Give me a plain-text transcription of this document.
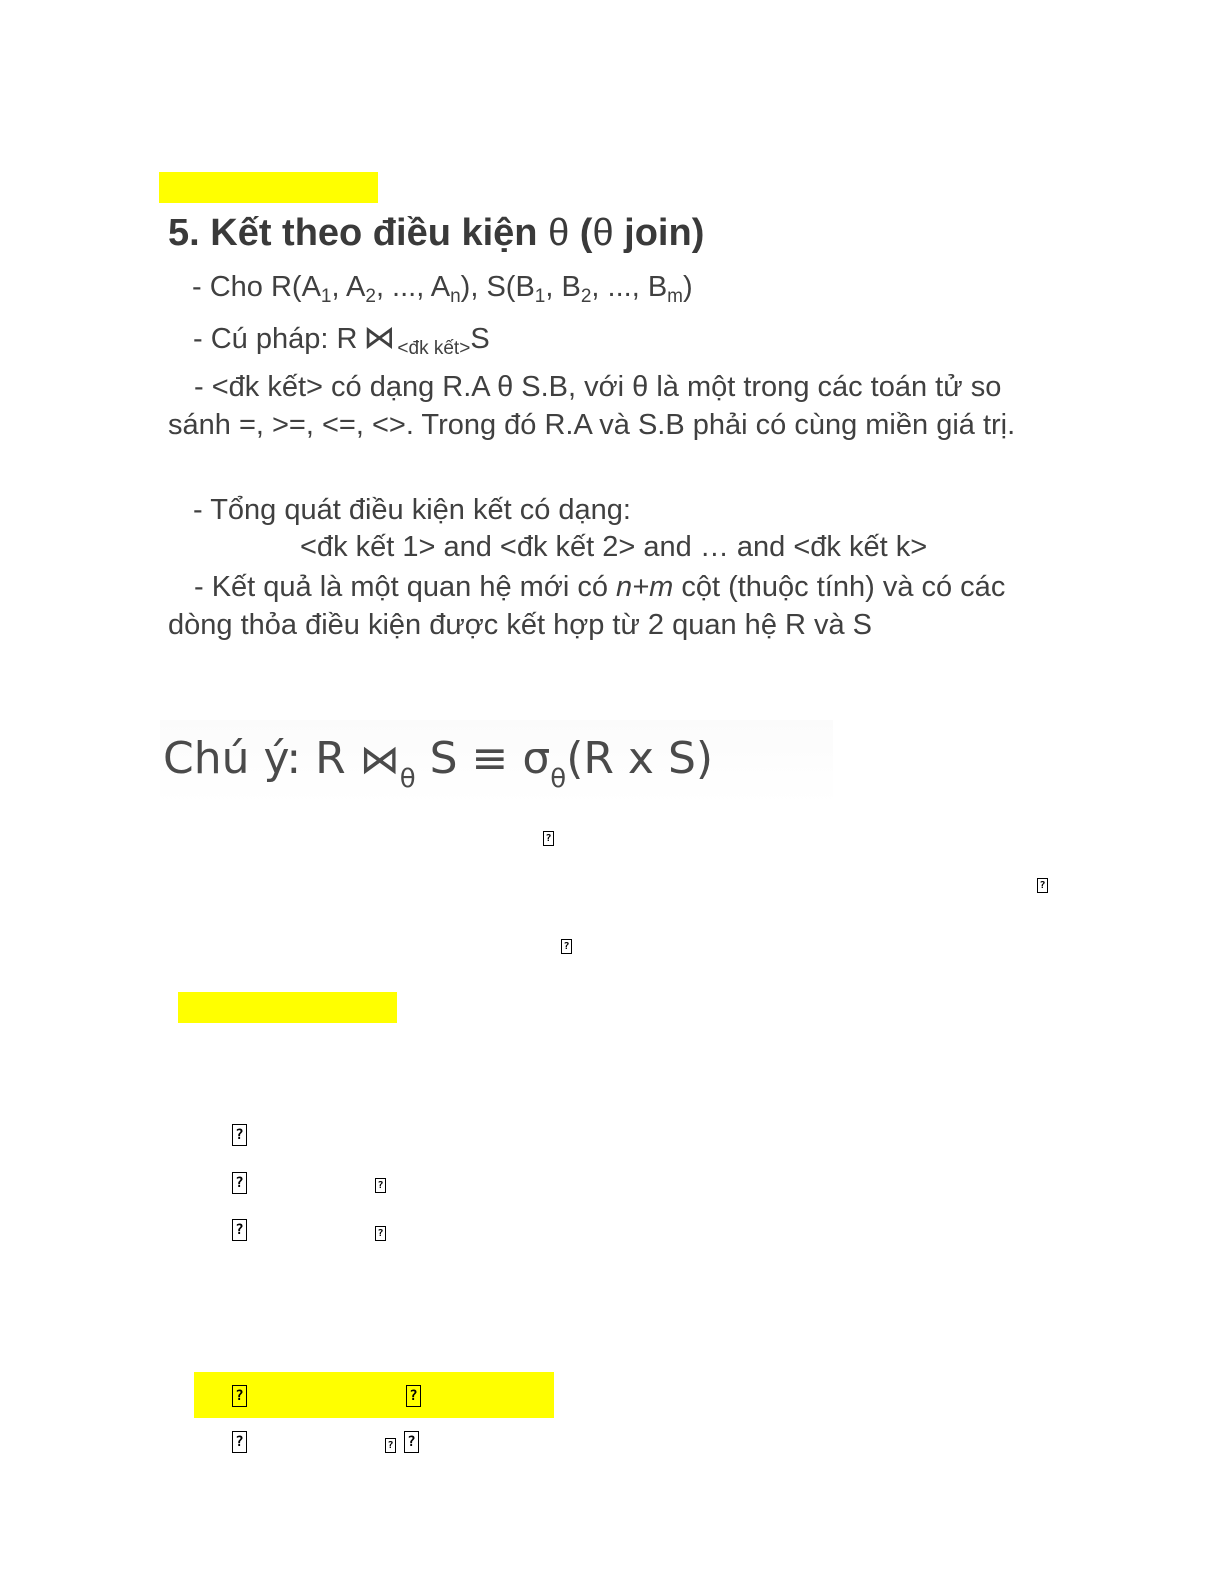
5. Kết theo điều kiện θ (θ join)
- Cho $R(A_1$, $A_2$, ..., $A_n$), $S(B_1$, $B_2$, ..., $B_m$)
- Cú pháp: R ⋈ $_{<đk kết>}$S
- <đk kết> có dạng R.A θ S.B, với θ là một trong các toán tử so sánh =, >=, <=, <>. Trong đó R.A và S.B phải có cùng miền giá trị.
- Tổng quát điều kiện kết có dạng:
<đk kết 1> and <đk kết 2> and … and <đk kết k>
- Kết quả là một quan hệ mới có n+m cột (thuộc tính) và có các dòng thỏa điều kiện được kết hợp từ 2 quan hệ R và S
Chú ý: R $⋈_\theta$ $S \equiv \sigma_\theta(R$ x S)
?
?
?
?
?	?
?	?
?	?
?	? ?
